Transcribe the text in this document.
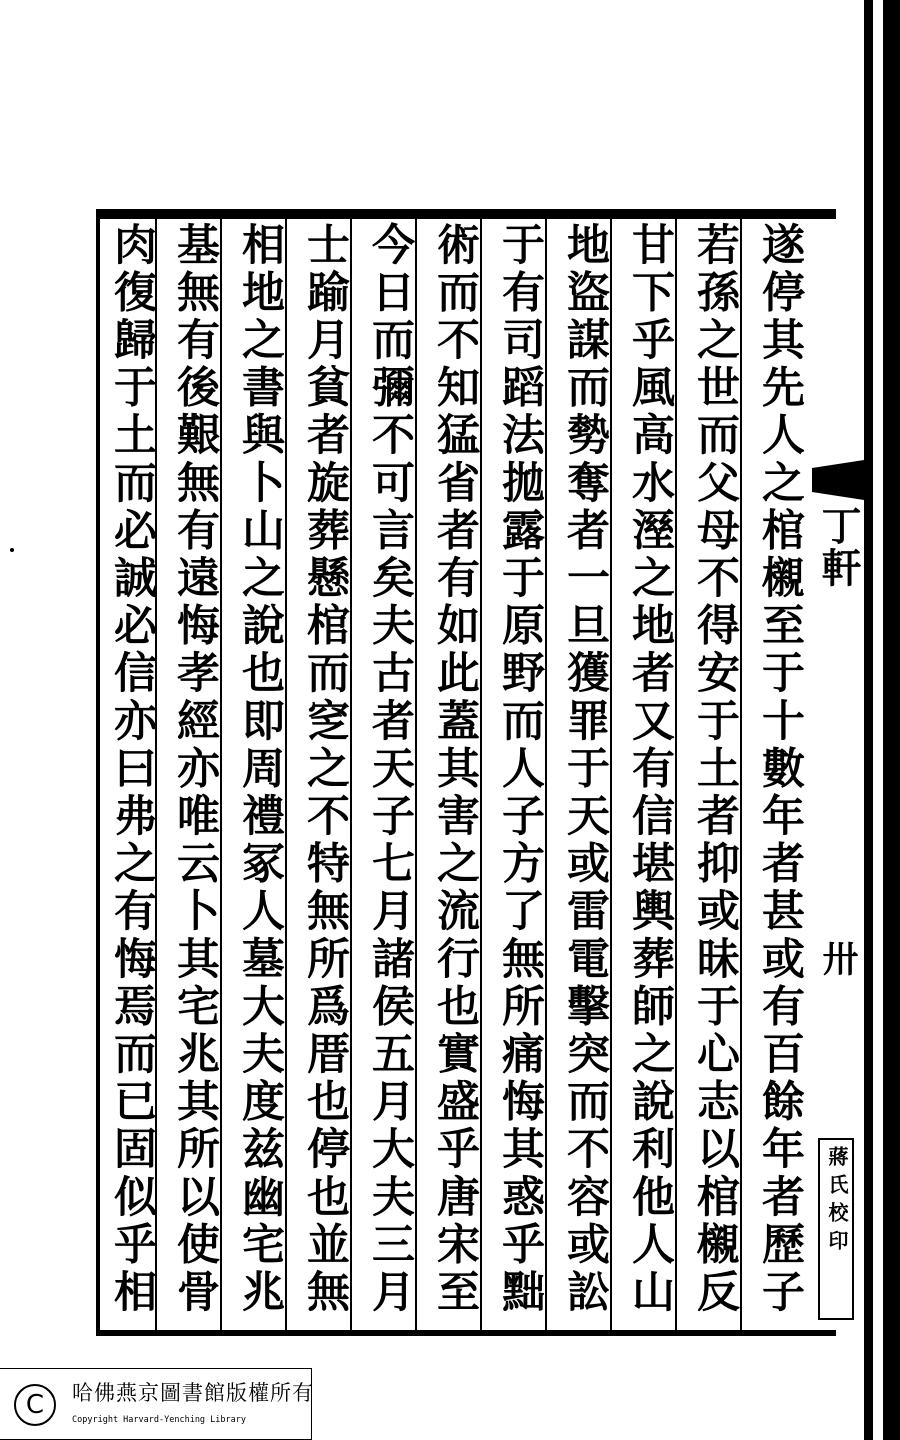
遂停其先人之棺櫬至于十數年者甚或有百餘年者歷子
若孫之世而父母不得安于土者抑或昧于心志以棺櫬反
甘下乎風高水溼之地者又有信堪輿葬師之說利他人山
地盜謀而勢奪者一旦獲罪于天或雷電擊突而不容或訟
于有司蹈法拋露于原野而人子方了無所痛悔其惑乎黜
術而不知猛省者有如此蓋其害之流行也實盛乎唐宋至
今日而彌不可言矣夫古者天子七月諸侯五月大夫三月
士踰月貧者旋葬懸棺而窆之不特無所爲厝也停也並無
相地之書與卜山之說也即周禮冢人墓大夫度兹幽宅兆
基無有後艱無有遠悔孝經亦唯云卜其宅兆其所以使骨
肉復歸于土而必誠必信亦曰弗之有悔焉而已固似乎相	丁軒
卅
蔣氏校印
C	哈佛燕京圖書館版權所有
Copyright Harvard-Yenching Library
